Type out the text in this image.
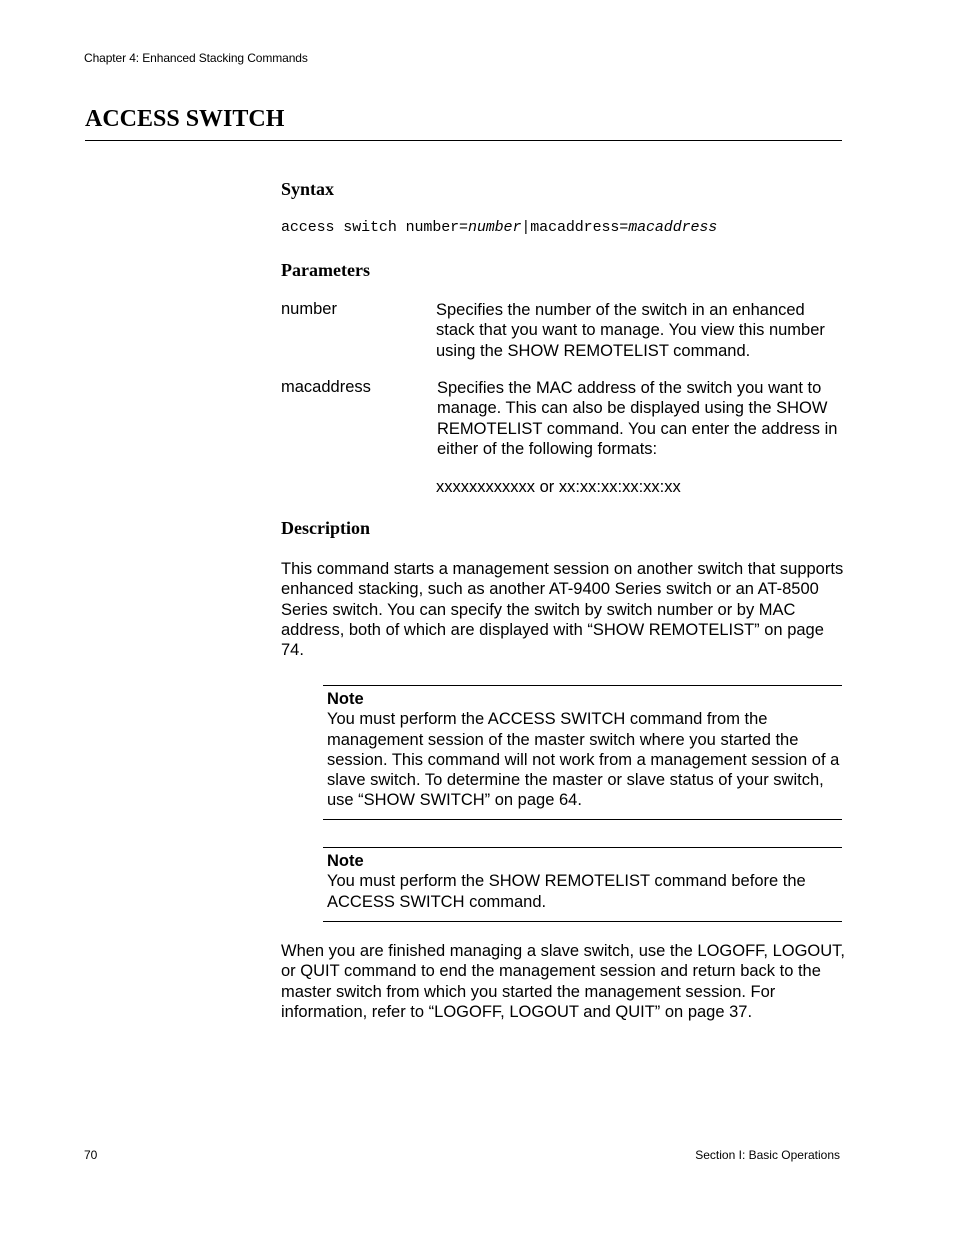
Chapter 4: Enhanced Stacking Commands
ACCESS SWITCH
Syntax
access switch number=number|macaddress=macaddress
Parameters
number	Specifies the number of the switch in an enhanced stack that you want to manage. You view this number using the SHOW REMOTELIST command.
macaddress	Specifies the MAC address of the switch you want to manage. This can also be displayed using the SHOW REMOTELIST command. You can enter the address in either of the following formats:
xxxxxxxxxxxx or xx:xx:xx:xx:xx:xx
Description
This command starts a management session on another switch that supports enhanced stacking, such as another AT-9400 Series switch or an AT-8500 Series switch. You can specify the switch by switch number or by MAC address, both of which are displayed with “SHOW REMOTELIST” on page 74.
Note
You must perform the ACCESS SWITCH command from the management session of the master switch where you started the session. This command will not work from a management session of a slave switch. To determine the master or slave status of your switch, use “SHOW SWITCH” on page 64.
Note
You must perform the SHOW REMOTELIST command before the ACCESS SWITCH command.
When you are finished managing a slave switch, use the LOGOFF, LOGOUT, or QUIT command to end the management session and return back to the master switch from which you started the management session. For information, refer to “LOGOFF, LOGOUT and QUIT” on page 37.
70	Section I: Basic Operations
